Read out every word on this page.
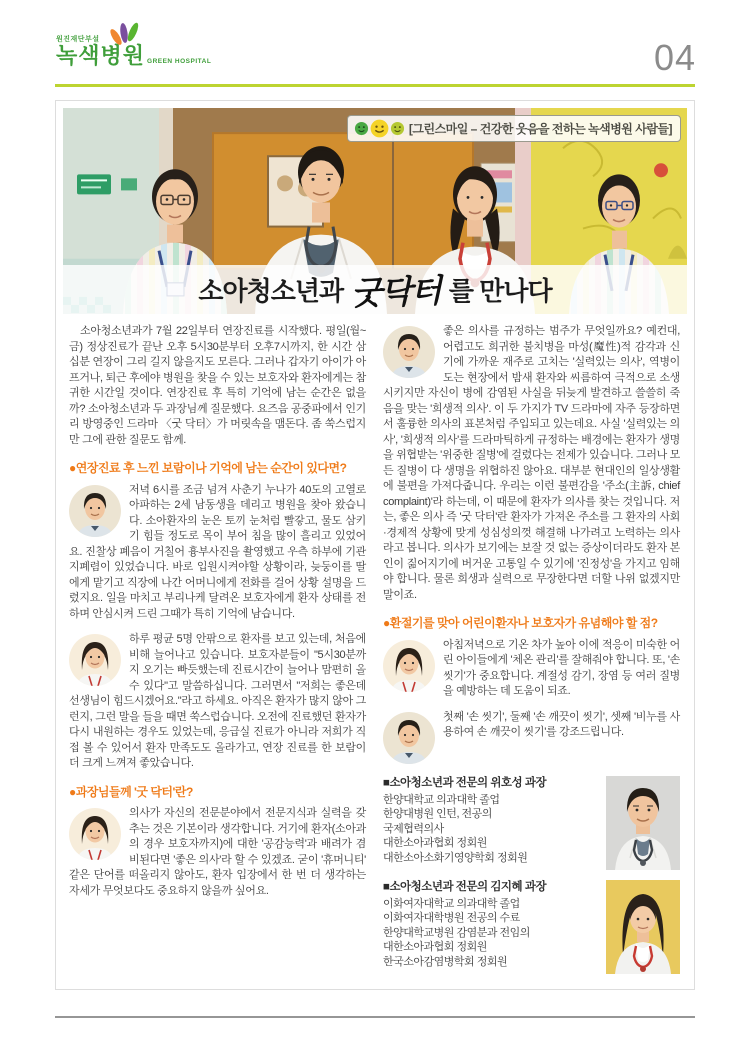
원진재단부설
녹색병원 GREEN HOSPITAL	04
[그린스마일 – 건강한 웃음을 전하는 녹색병원 사람들]
소아청소년과 굿닥터 를 만나다

소아청소년과가 7월 22일부터 연장진료를 시작했다. 평일(월~금) 정상진료가 끝난 오후 5시30분부터 오후7시까지, 한 시간 삼십분 연장이 그리 길지 않을지도 모른다. 그러나 갑자기 아이가 아프거나, 퇴근 후에야 병원을 찾을 수 있는 보호자와 환자에게는 참 귀한 시간일 것이다. 연장진료 후 특히 기억에 남는 순간은 없을까? 소아청소년과 두 과장님께 질문했다. 요즈음 공중파에서 인기리 방영중인 드라마 〈굿 닥터〉가 머릿속을 맴돈다. 좀 쑥스럽지만 그에 관한 질문도 함께.

●연장진료 후 느낀 보람이나 기억에 남는 순간이 있다면?
저녁 6시를 조금 넘겨 사춘기 누나가 40도의 고열로 아파하는 2세 남동생을 데리고 병원을 찾아 왔습니다. 소아환자의 눈은 토끼 눈처럼 빨갛고, 물도 삼키기 힘들 정도로 목이 부어 침을 많이 흘리고 있었어요. 진찰상 폐음이 거칠어 흉부사진을 촬영했고 우측 하부에 기관지폐렴이 있었습니다. 바로 입원시켜야할 상황이라, 늦둥이를 딸에게 맡기고 직장에 나간 어머니에게 전화를 걸어 상황 설명을 드렸지요. 일을 마치고 부리나케 달려온 보호자에게 환자 상태를 전하며 안심시켜 드린 그때가 특히 기억에 남습니다.
하루 평균 5명 안팎으로 환자를 보고 있는데, 처음에 비해 늘어나고 있습니다. 보호자분들이 "5시30분까지 오기는 빠듯했는데 진료시간이 늘어나 맘편히 올 수 있다"고 말씀하십니다. 그러면서 "저희는 좋은데 선생님이 힘드시겠어요."라고 하세요. 아직은 환자가 많지 않아 그런지, 그런 말을 들을 때면 쑥스럽습니다. 오전에 진료했던 환자가 다시 내원하는 경우도 있었는데, 응급실 진료가 아니라 저희가 직접 볼 수 있어서 환자 만족도도 올라가고, 연장 진료를 한 보람이 더 크게 느껴져 좋았습니다.
●과장님들께 '굿 닥터'란?
의사가 자신의 전문분야에서 전문지식과 실력을 갖추는 것은 기본이라 생각합니다. 거기에 환자(소아과의 경우 보호자까지)에 대한 '공감능력'과 배려가 겸비된다면 '좋은 의사'라 할 수 있겠죠. 굳이 '휴머니티' 같은 단어를 떠올리지 않아도, 환자 입장에서 한 번 더 생각하는 자세가 무엇보다도 중요하지 않을까 싶어요.
좋은 의사를 규정하는 범주가 무엇일까요? 예컨대, 어렵고도 희귀한 불치병을 마성(魔性)적 감각과 신기에 가까운 재주로 고치는 '실력있는 의사', 역병이 도는 현장에서 밤새 환자와 씨름하여 극적으로 소생시키지만 자신이 병에 감염된 사실을 뒤늦게 발견하고 쓸쓸히 죽음을 맞는 '희생적 의사'. 이 두 가지가 TV 드라마에 자주 등장하면서 훌륭한 의사의 표본처럼 주입되고 있는데요. 사실 '실력있는 의사', '희생적 의사'를 드라마틱하게 규정하는 배경에는 환자가 생명을 위협받는 '위중한 질병'에 걸렸다는 전제가 있습니다. 그러나 모든 질병이 다 생명을 위협하진 않아요. 대부분 현대인의 일상생활에 불편을 가져다줍니다. 우리는 이런 불편감을 '주소(主訴, chief complaint)'라 하는데, 이 때문에 환자가 의사를 찾는 것입니다. 저는, 좋은 의사 즉 '굿 닥터'란 환자가 가져온 주소를 그 환자의 사회·경제적 상황에 맞게 성심성의껏 해결해 나가려고 노력하는 의사라고 봅니다. 의사가 보기에는 보잘 것 없는 증상이더라도 환자 본인이 짊어지기에 버거운 고통일 수 있기에 '진정성'을 가지고 임해야 합니다. 물론 희생과 실력으로 무장한다면 더할 나위 없겠지만 말이죠.
●환절기를 맞아 어린이환자나 보호자가 유념해야 할 점?
아침저녁으로 기온 차가 높아 이에 적응이 미숙한 어린 아이들에게 '체온 관리'를 잘해줘야 합니다. 또, '손 씻기'가 중요합니다. 계절성 감기, 장염 등 여러 질병을 예방하는 데 도움이 되죠.
첫째 '손 씻기', 둘째 '손 깨끗이 씻기', 셋째 '비누를 사용하여 손 깨끗이 씻기'를 강조드립니다.
■소아청소년과 전문의 위호성 과장
한양대학교 의과대학 졸업
한양대병원 인턴, 전공의
국제협력의사
대한소아과협회 정회원
대한소아소화기영양학회 정회원
■소아청소년과 전문의 김지혜 과장
이화여자대학교 의과대학 졸업
이화여자대학병원 전공의 수료
한양대학교병원 감염분과 전임의
대한소아과협회 정회원
한국소아감염병학회 정회원
